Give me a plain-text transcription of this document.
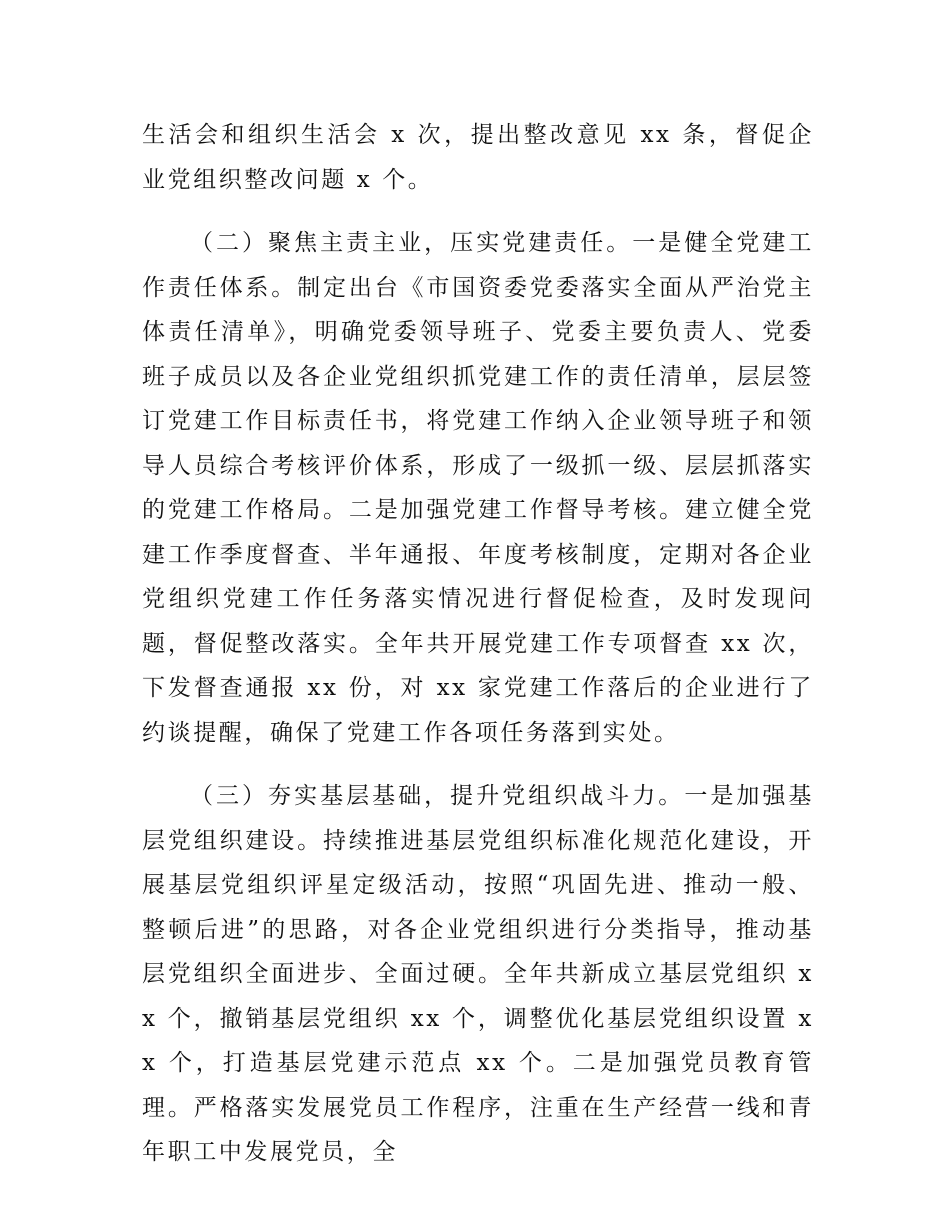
生活会和组织生活会 x 次，提出整改意见 xx 条，督促企业党组织整改问题 x 个。

（二）聚焦主责主业，压实党建责任。一是健全党建工作责任体系。制定出台《市国资委党委落实全面从严治党主体责任清单》，明确党委领导班子、党委主要负责人、党委班子成员以及各企业党组织抓党建工作的责任清单，层层签订党建工作目标责任书，将党建工作纳入企业领导班子和领导人员综合考核评价体系，形成了一级抓一级、层层抓落实的党建工作格局。二是加强党建工作督导考核。建立健全党建工作季度督查、半年通报、年度考核制度，定期对各企业党组织党建工作任务落实情况进行督促检查，及时发现问题，督促整改落实。全年共开展党建工作专项督查 xx 次，下发督查通报 xx 份，对 xx 家党建工作落后的企业进行了约谈提醒，确保了党建工作各项任务落到实处。

（三）夯实基层基础，提升党组织战斗力。一是加强基层党组织建设。持续推进基层党组织标准化规范化建设，开展基层党组织评星定级活动，按照“巩固先进、推动一般、整顿后进”的思路，对各企业党组织进行分类指导，推动基层党组织全面进步、全面过硬。全年共新成立基层党组织 xx 个，撤销基层党组织 xx 个，调整优化基层党组织设置 xx 个，打造基层党建示范点 xx 个。二是加强党员教育管理。严格落实发展党员工作程序，注重在生产经营一线和青年职工中发展党员，全
